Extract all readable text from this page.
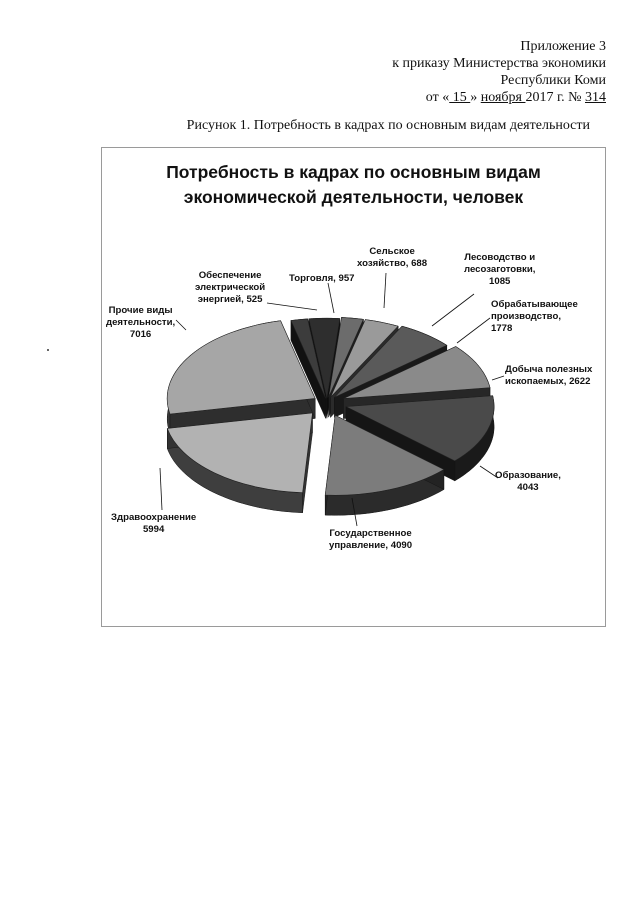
Приложение 3
к приказу Министерства экономики
Республики Коми
от « 15 » ноября 2017 г. № 314
Рисунок 1. Потребность в кадрах по основным видам деятельности
Потребность в кадрах по основным видам
экономической деятельности, человек
Сельское
хозяйство, 688
Лесоводство и
лесозаготовки,
1085
Обрабатывающее
производство,
1778
Добыча полезных
ископаемых, 2622
Образование,
4043
Государственное
управление, 4090
Здравоохранение
5994
Прочие виды
деятельности,
7016
Обеспечение
электрической
энергией, 525
Торговля, 957
